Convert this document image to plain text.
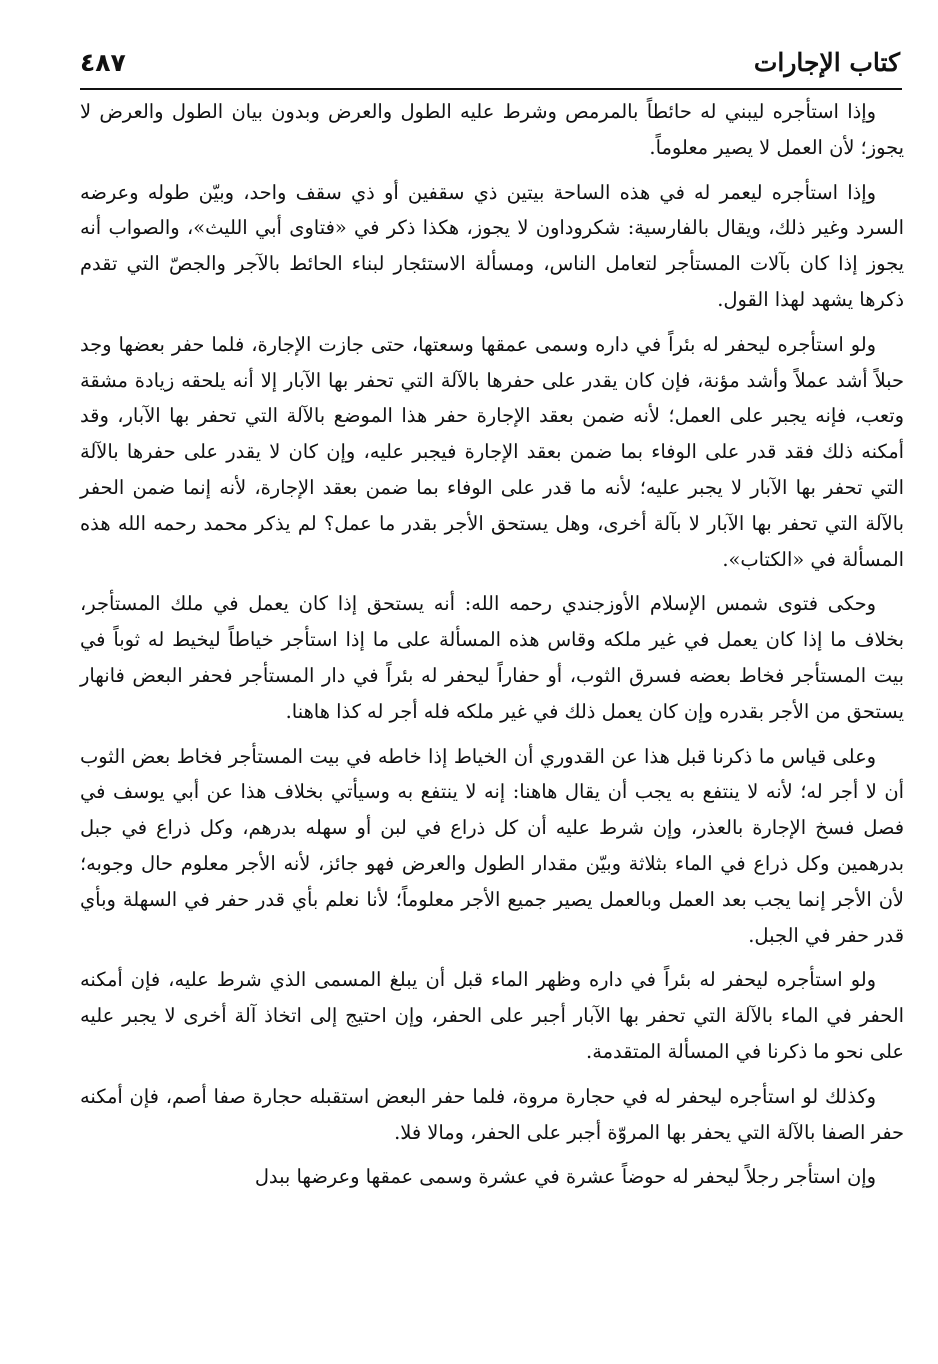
٤٨٧	كتاب الإجارات

وإذا استأجره ليبني له حائطاً بالمرمص وشرط عليه الطول والعرض وبدون بيان الطول والعرض لا يجوز؛ لأن العمل لا يصير معلوماً.

وإذا استأجره ليعمر له في هذه الساحة بيتين ذي سقفين أو ذي سقف واحد، وبيّن طوله وعرضه السرد وغير ذلك، ويقال بالفارسية: شكروداون لا يجوز، هكذا ذكر في «فتاوى أبي الليث»، والصواب أنه يجوز إذا كان بآلات المستأجر لتعامل الناس، ومسألة الاستئجار لبناء الحائط بالآجر والجصّ التي تقدم ذكرها يشهد لهذا القول.

ولو استأجره ليحفر له بئراً في داره وسمى عمقها وسعتها، حتى جازت الإجارة، فلما حفر بعضها وجد حبلاً أشد عملاً وأشد مؤنة، فإن كان يقدر على حفرها بالآلة التي تحفر بها الآبار إلا أنه يلحقه زيادة مشقة وتعب، فإنه يجبر على العمل؛ لأنه ضمن بعقد الإجارة حفر هذا الموضع بالآلة التي تحفر بها الآبار، وقد أمكنه ذلك فقد قدر على الوفاء بما ضمن بعقد الإجارة فيجبر عليه، وإن كان لا يقدر على حفرها بالآلة التي تحفر بها الآبار لا يجبر عليه؛ لأنه ما قدر على الوفاء بما ضمن بعقد الإجارة، لأنه إنما ضمن الحفر بالآلة التي تحفر بها الآبار لا بآلة أخرى، وهل يستحق الأجر بقدر ما عمل؟ لم يذكر محمد رحمه الله هذه المسألة في «الكتاب».

وحكى فتوى شمس الإسلام الأوزجندي رحمه الله: أنه يستحق إذا كان يعمل في ملك المستأجر، بخلاف ما إذا كان يعمل في غير ملكه وقاس هذه المسألة على ما إذا استأجر خياطاً ليخيط له ثوباً في بيت المستأجر فخاط بعضه فسرق الثوب، أو حفاراً ليحفر له بئراً في دار المستأجر فحفر البعض فانهار يستحق من الأجر بقدره وإن كان يعمل ذلك في غير ملكه فله أجر له كذا هاهنا.

وعلى قياس ما ذكرنا قبل هذا عن القدوري أن الخياط إذا خاطه في بيت المستأجر فخاط بعض الثوب أن لا أجر له؛ لأنه لا ينتفع به يجب أن يقال هاهنا: إنه لا ينتفع به وسيأتي بخلاف هذا عن أبي يوسف في فصل فسخ الإجارة بالعذر، وإن شرط عليه أن كل ذراع في لبن أو سهله بدرهم، وكل ذراع في جبل بدرهمين وكل ذراع في الماء بثلاثة وبيّن مقدار الطول والعرض فهو جائز، لأنه الأجر معلوم حال وجوبه؛ لأن الأجر إنما يجب بعد العمل وبالعمل يصير جميع الأجر معلوماً؛ لأنا نعلم بأي قدر حفر في السهلة وبأي قدر حفر في الجبل.

ولو استأجره ليحفر له بئراً في داره وظهر الماء قبل أن يبلغ المسمى الذي شرط عليه، فإن أمكنه الحفر في الماء بالآلة التي تحفر بها الآبار أجبر على الحفر، وإن احتيج إلى اتخاذ آلة أخرى لا يجبر عليه على نحو ما ذكرنا في المسألة المتقدمة.

وكذلك لو استأجره ليحفر له في حجارة مروة، فلما حفر البعض استقبله حجارة صفا أصم، فإن أمكنه حفر الصفا بالآلة التي يحفر بها المروّة أجبر على الحفر، ومالا فلا.

وإن استأجر رجلاً ليحفر له حوضاً عشرة في عشرة وسمى عمقها وعرضها ببدل
